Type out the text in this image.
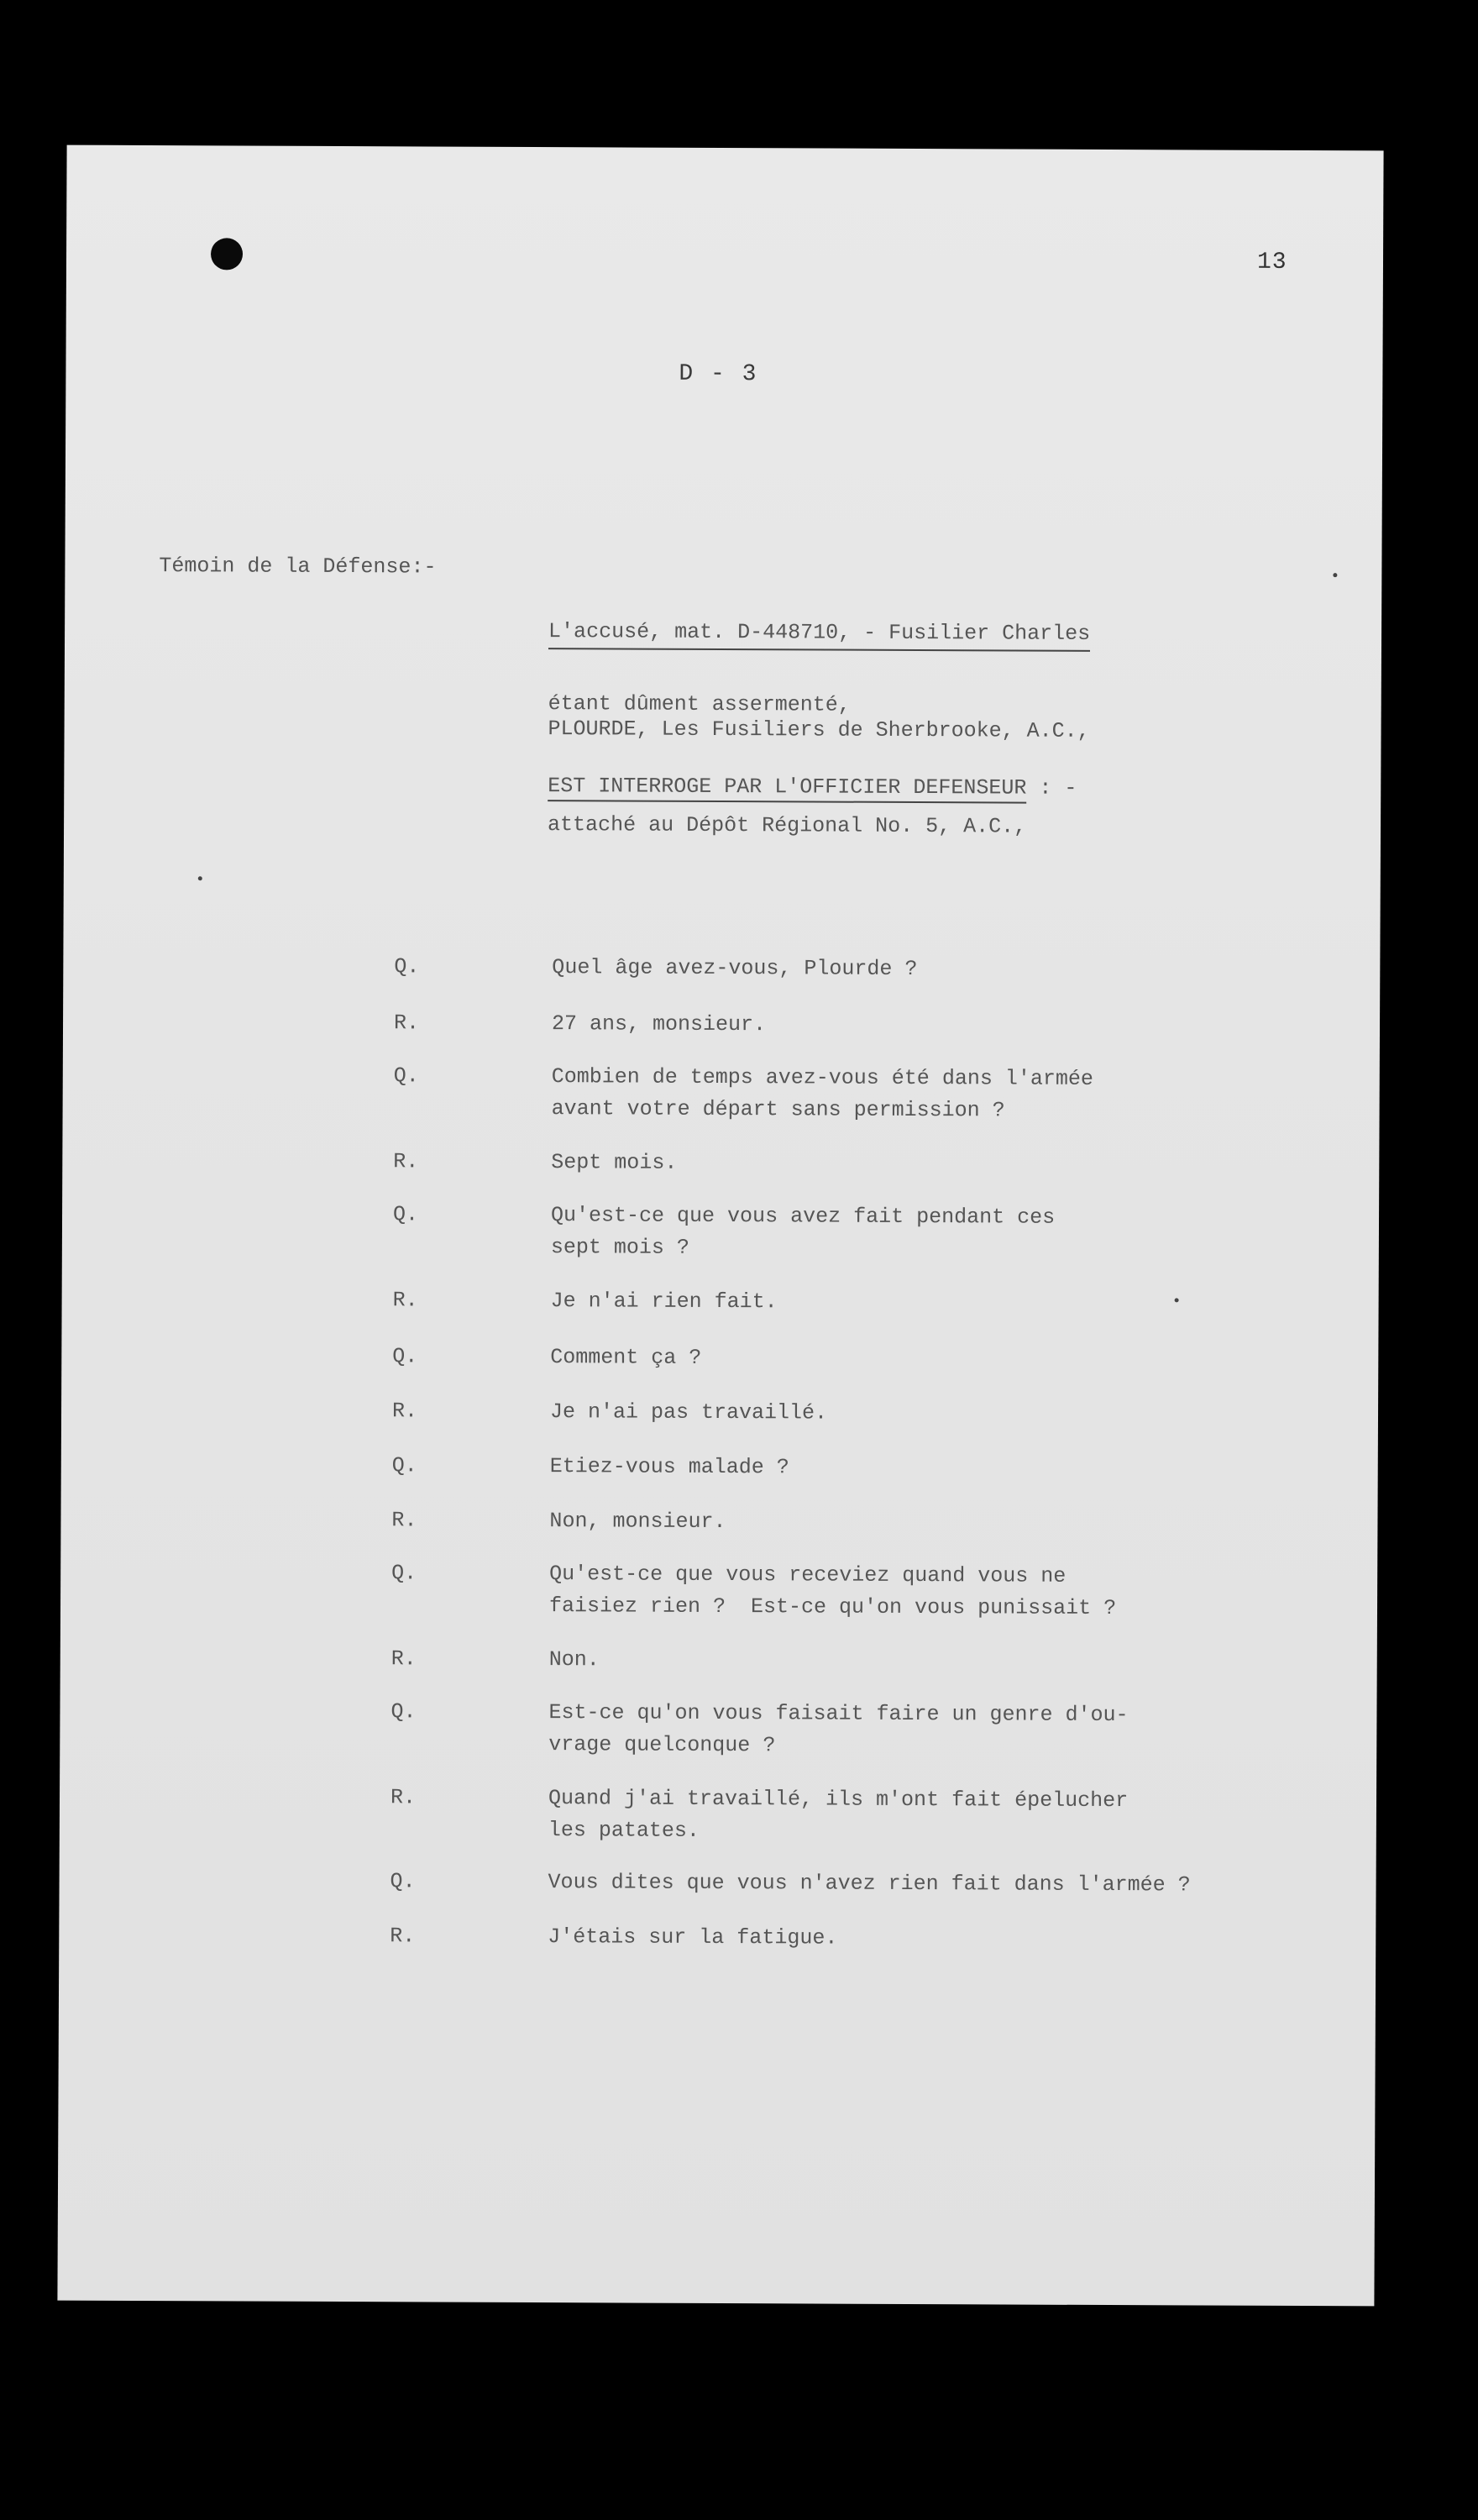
13
D - 3
Témoin de la Défense:-

L'accusé, mat. D-448710, - Fusilier Charles

PLOURDE, Les Fusiliers de Sherbrooke, A.C.,

attaché au Dépôt Régional No. 5, A.C.,

étant dûment assermenté,
EST INTERROGE PAR L'OFFICIER DEFENSEUR : -
Q.	Quel âge avez-vous, Plourde ?
R.	27 ans, monsieur.
Q.	Combien de temps avez-vous été dans l'armée
avant votre départ sans permission ?
R.	Sept mois.
Q.	Qu'est-ce que vous avez fait pendant ces
sept mois ?
R.	Je n'ai rien fait.
Q.	Comment ça ?
R.	Je n'ai pas travaillé.
Q.	Etiez-vous malade ?
R.	Non, monsieur.
Q.	Qu'est-ce que vous receviez quand vous ne
faisiez rien ?  Est-ce qu'on vous punissait ?
R.	Non.
Q.	Est-ce qu'on vous faisait faire un genre d'ou-
vrage quelconque ?
R.	Quand j'ai travaillé, ils m'ont fait épelucher
les patates.
Q.	Vous dites que vous n'avez rien fait dans l'armée ?
R.	J'étais sur la fatigue.
